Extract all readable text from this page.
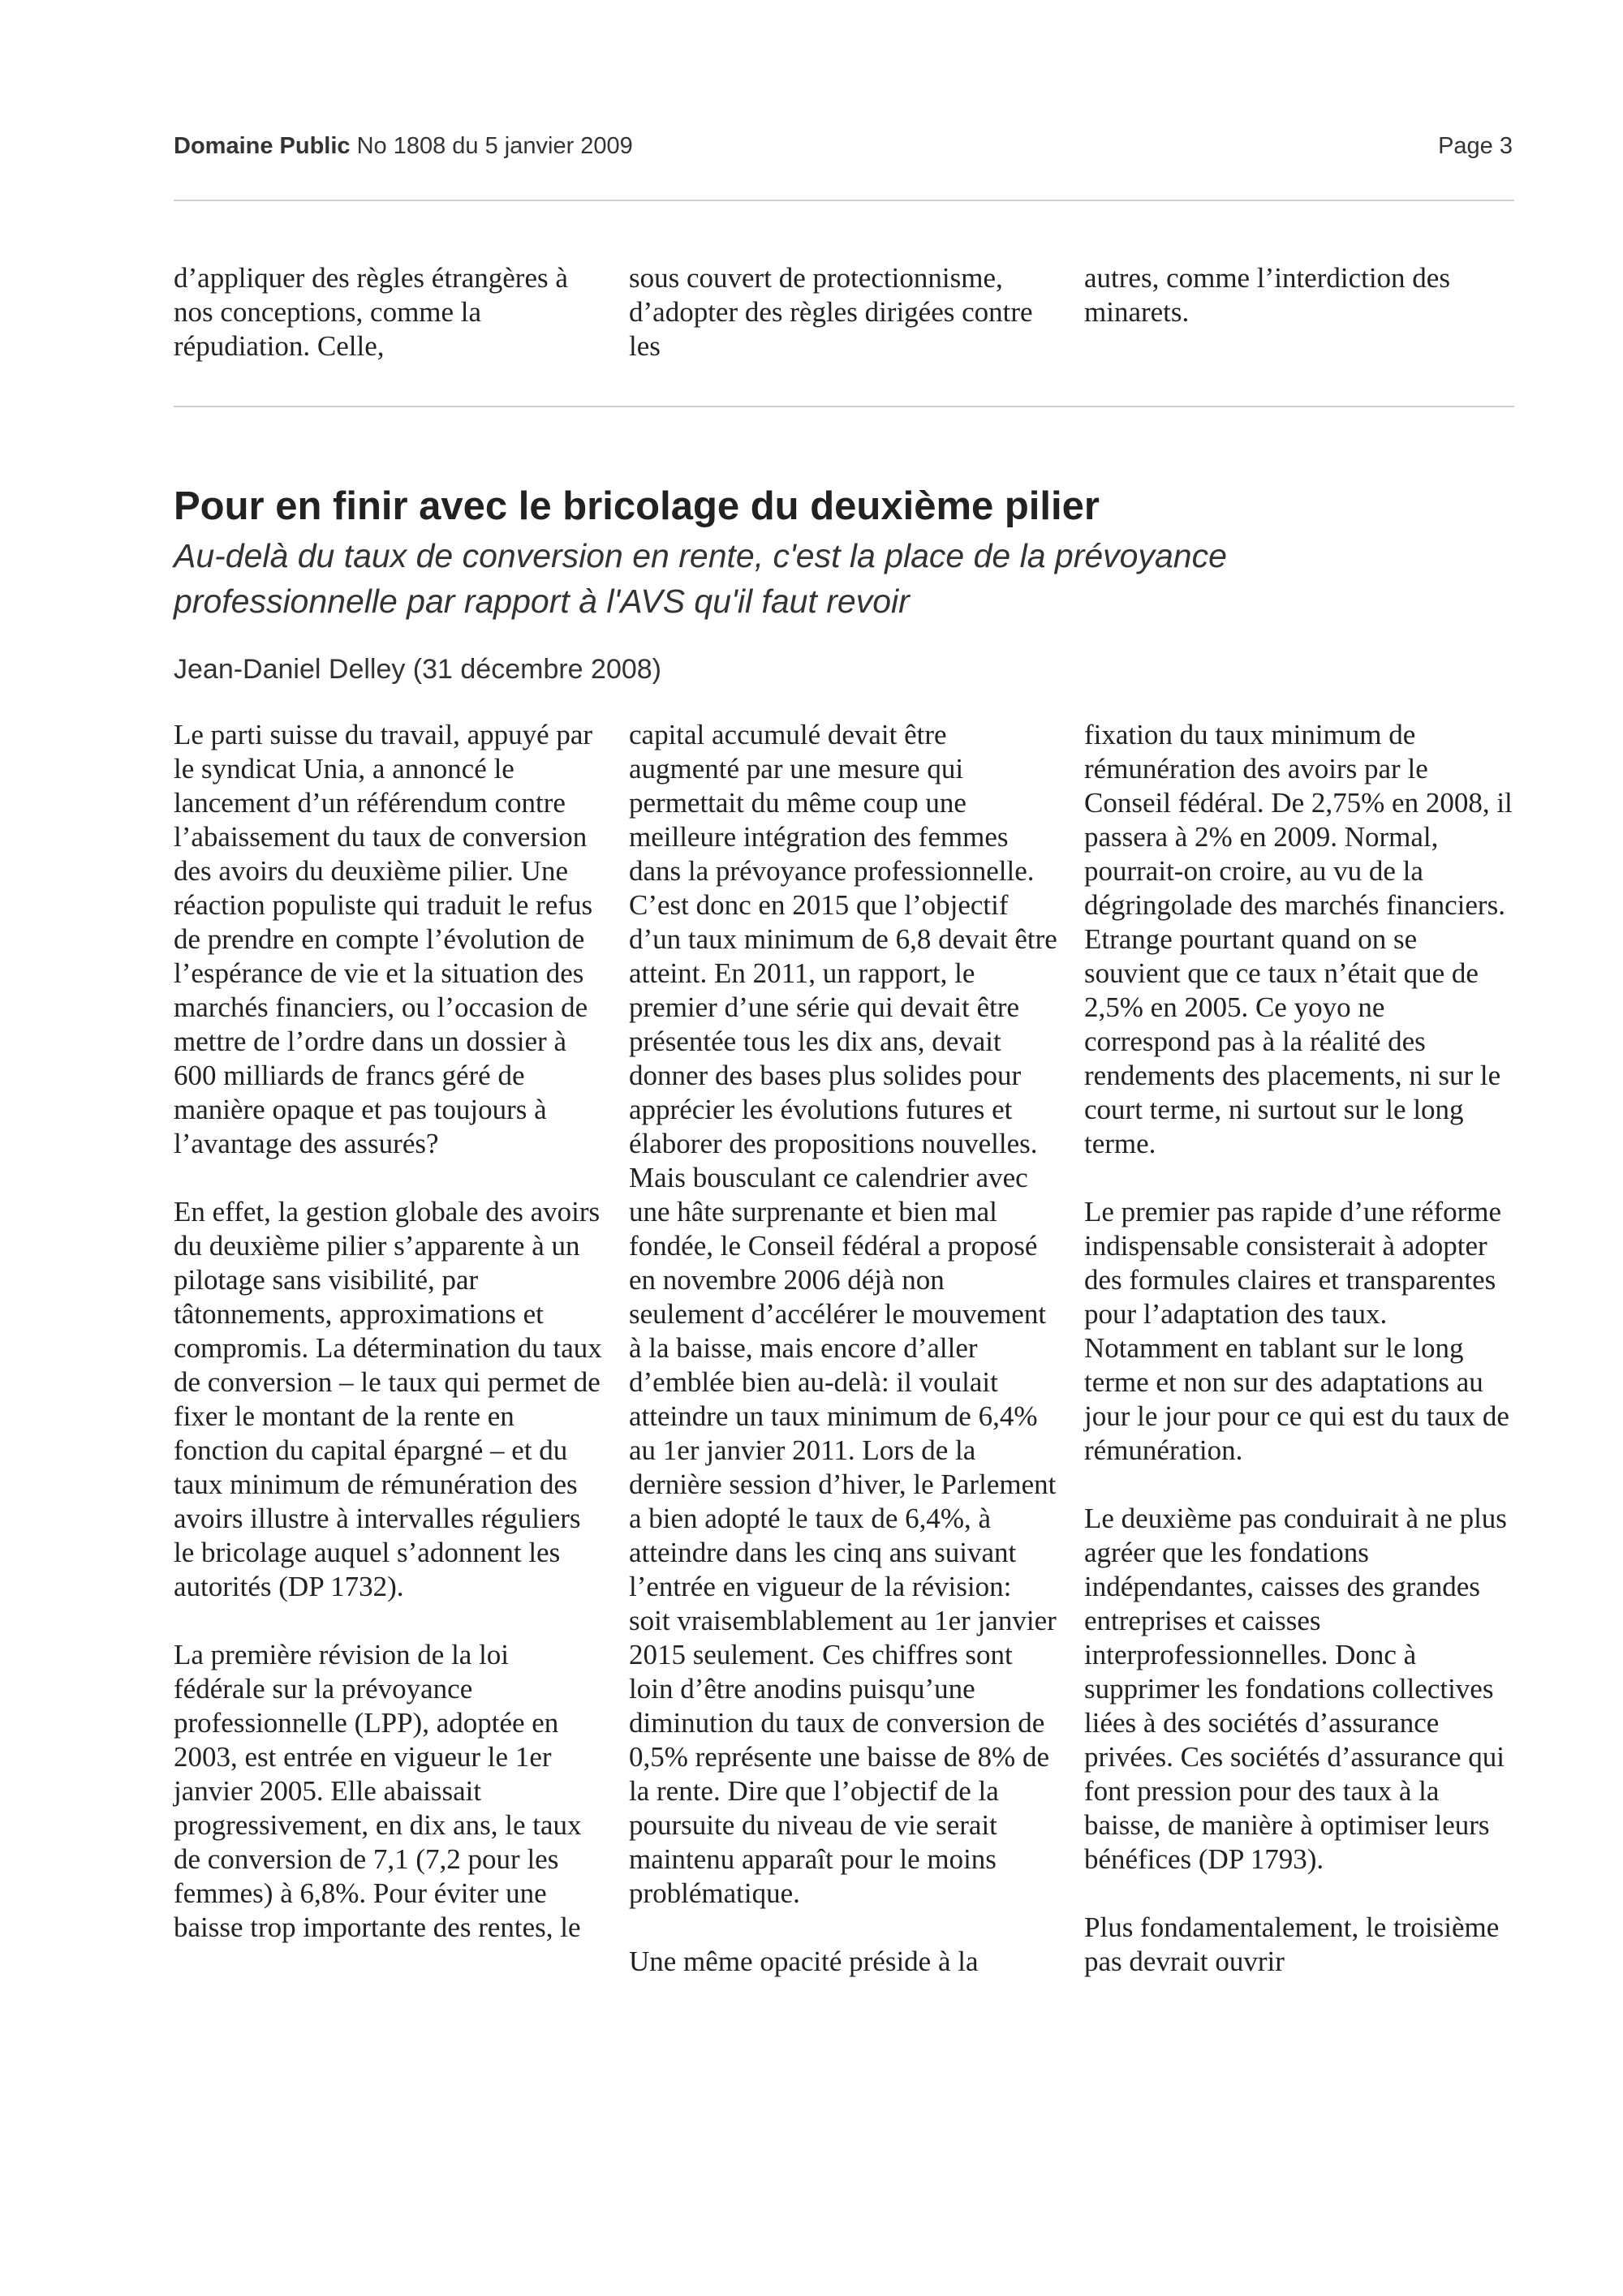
Domaine Public No 1808 du 5 janvier 2009	Page 3

d’appliquer des règles étrangères à nos conceptions, comme la répudiation. Celle,

sous couvert de protectionnisme, d’adopter des règles dirigées contre les

autres, comme l’interdiction des minarets.

Pour en finir avec le bricolage du deuxième pilier
Au-delà du taux de conversion en rente, c'est la place de la prévoyance professionnelle par rapport à l'AVS qu'il faut revoir
Jean-Daniel Delley (31 décembre 2008)

Le parti suisse du travail, appuyé par le syndicat Unia, a annoncé le lancement d’un référendum contre l’abaissement du taux de conversion des avoirs du deuxième pilier. Une réaction populiste qui traduit le refus de prendre en compte l’évolution de l’espérance de vie et la situation des marchés financiers, ou l’occasion de mettre de l’ordre dans un dossier à 600 milliards de francs géré de manière opaque et pas toujours à l’avantage des assurés?

En effet, la gestion globale des avoirs du deuxième pilier s’apparente à un pilotage sans visibilité, par tâtonnements, approximations et compromis. La détermination du taux de conversion – le taux qui permet de fixer le montant de la rente en fonction du capital épargné – et du taux minimum de rémunération des avoirs illustre à intervalles réguliers le bricolage auquel s’adonnent les autorités (DP 1732).

La première révision de la loi fédérale sur la prévoyance professionnelle (LPP), adoptée en 2003, est entrée en vigueur le 1er janvier 2005. Elle abaissait progressivement, en dix ans, le taux de conversion de 7,1 (7,2 pour les femmes) à 6,8%. Pour éviter une baisse trop importante des rentes, le

capital accumulé devait être augmenté par une mesure qui permettait du même coup une meilleure intégration des femmes dans la prévoyance professionnelle. C’est donc en 2015 que l’objectif d’un taux minimum de 6,8 devait être atteint. En 2011, un rapport, le premier d’une série qui devait être présentée tous les dix ans, devait donner des bases plus solides pour apprécier les évolutions futures et élaborer des propositions nouvelles. Mais bousculant ce calendrier avec une hâte surprenante et bien mal fondée, le Conseil fédéral a proposé en novembre 2006 déjà non seulement d’accélérer le mouvement à la baisse, mais encore d’aller d’emblée bien au-delà: il voulait atteindre un taux minimum de 6,4% au 1er janvier 2011. Lors de la dernière session d’hiver, le Parlement a bien adopté le taux de 6,4%, à atteindre dans les cinq ans suivant l’entrée en vigueur de la révision: soit vraisemblablement au 1er janvier 2015 seulement. Ces chiffres sont loin d’être anodins puisqu’une diminution du taux de conversion de 0,5% représente une baisse de 8% de la rente. Dire que l’objectif de la poursuite du niveau de vie serait maintenu apparaît pour le moins problématique.

Une même opacité préside à la

fixation du taux minimum de rémunération des avoirs par le Conseil fédéral. De 2,75% en 2008, il passera à 2% en 2009. Normal, pourrait-on croire, au vu de la dégringolade des marchés financiers. Etrange pourtant quand on se souvient que ce taux n’était que de 2,5% en 2005. Ce yoyo ne correspond pas à la réalité des rendements des placements, ni sur le court terme, ni surtout sur le long terme.

Le premier pas rapide d’une réforme indispensable consisterait à adopter des formules claires et transparentes pour l’adaptation des taux. Notamment en tablant sur le long terme et non sur des adaptations au jour le jour pour ce qui est du taux de rémunération.

Le deuxième pas conduirait à ne plus agréer que les fondations indépendantes, caisses des grandes entreprises et caisses interprofessionnelles. Donc à supprimer les fondations collectives liées à des sociétés d’assurance privées. Ces sociétés d’assurance qui font pression pour des taux à la baisse, de manière à optimiser leurs bénéfices (DP 1793).

Plus fondamentalement, le troisième pas devrait ouvrir
